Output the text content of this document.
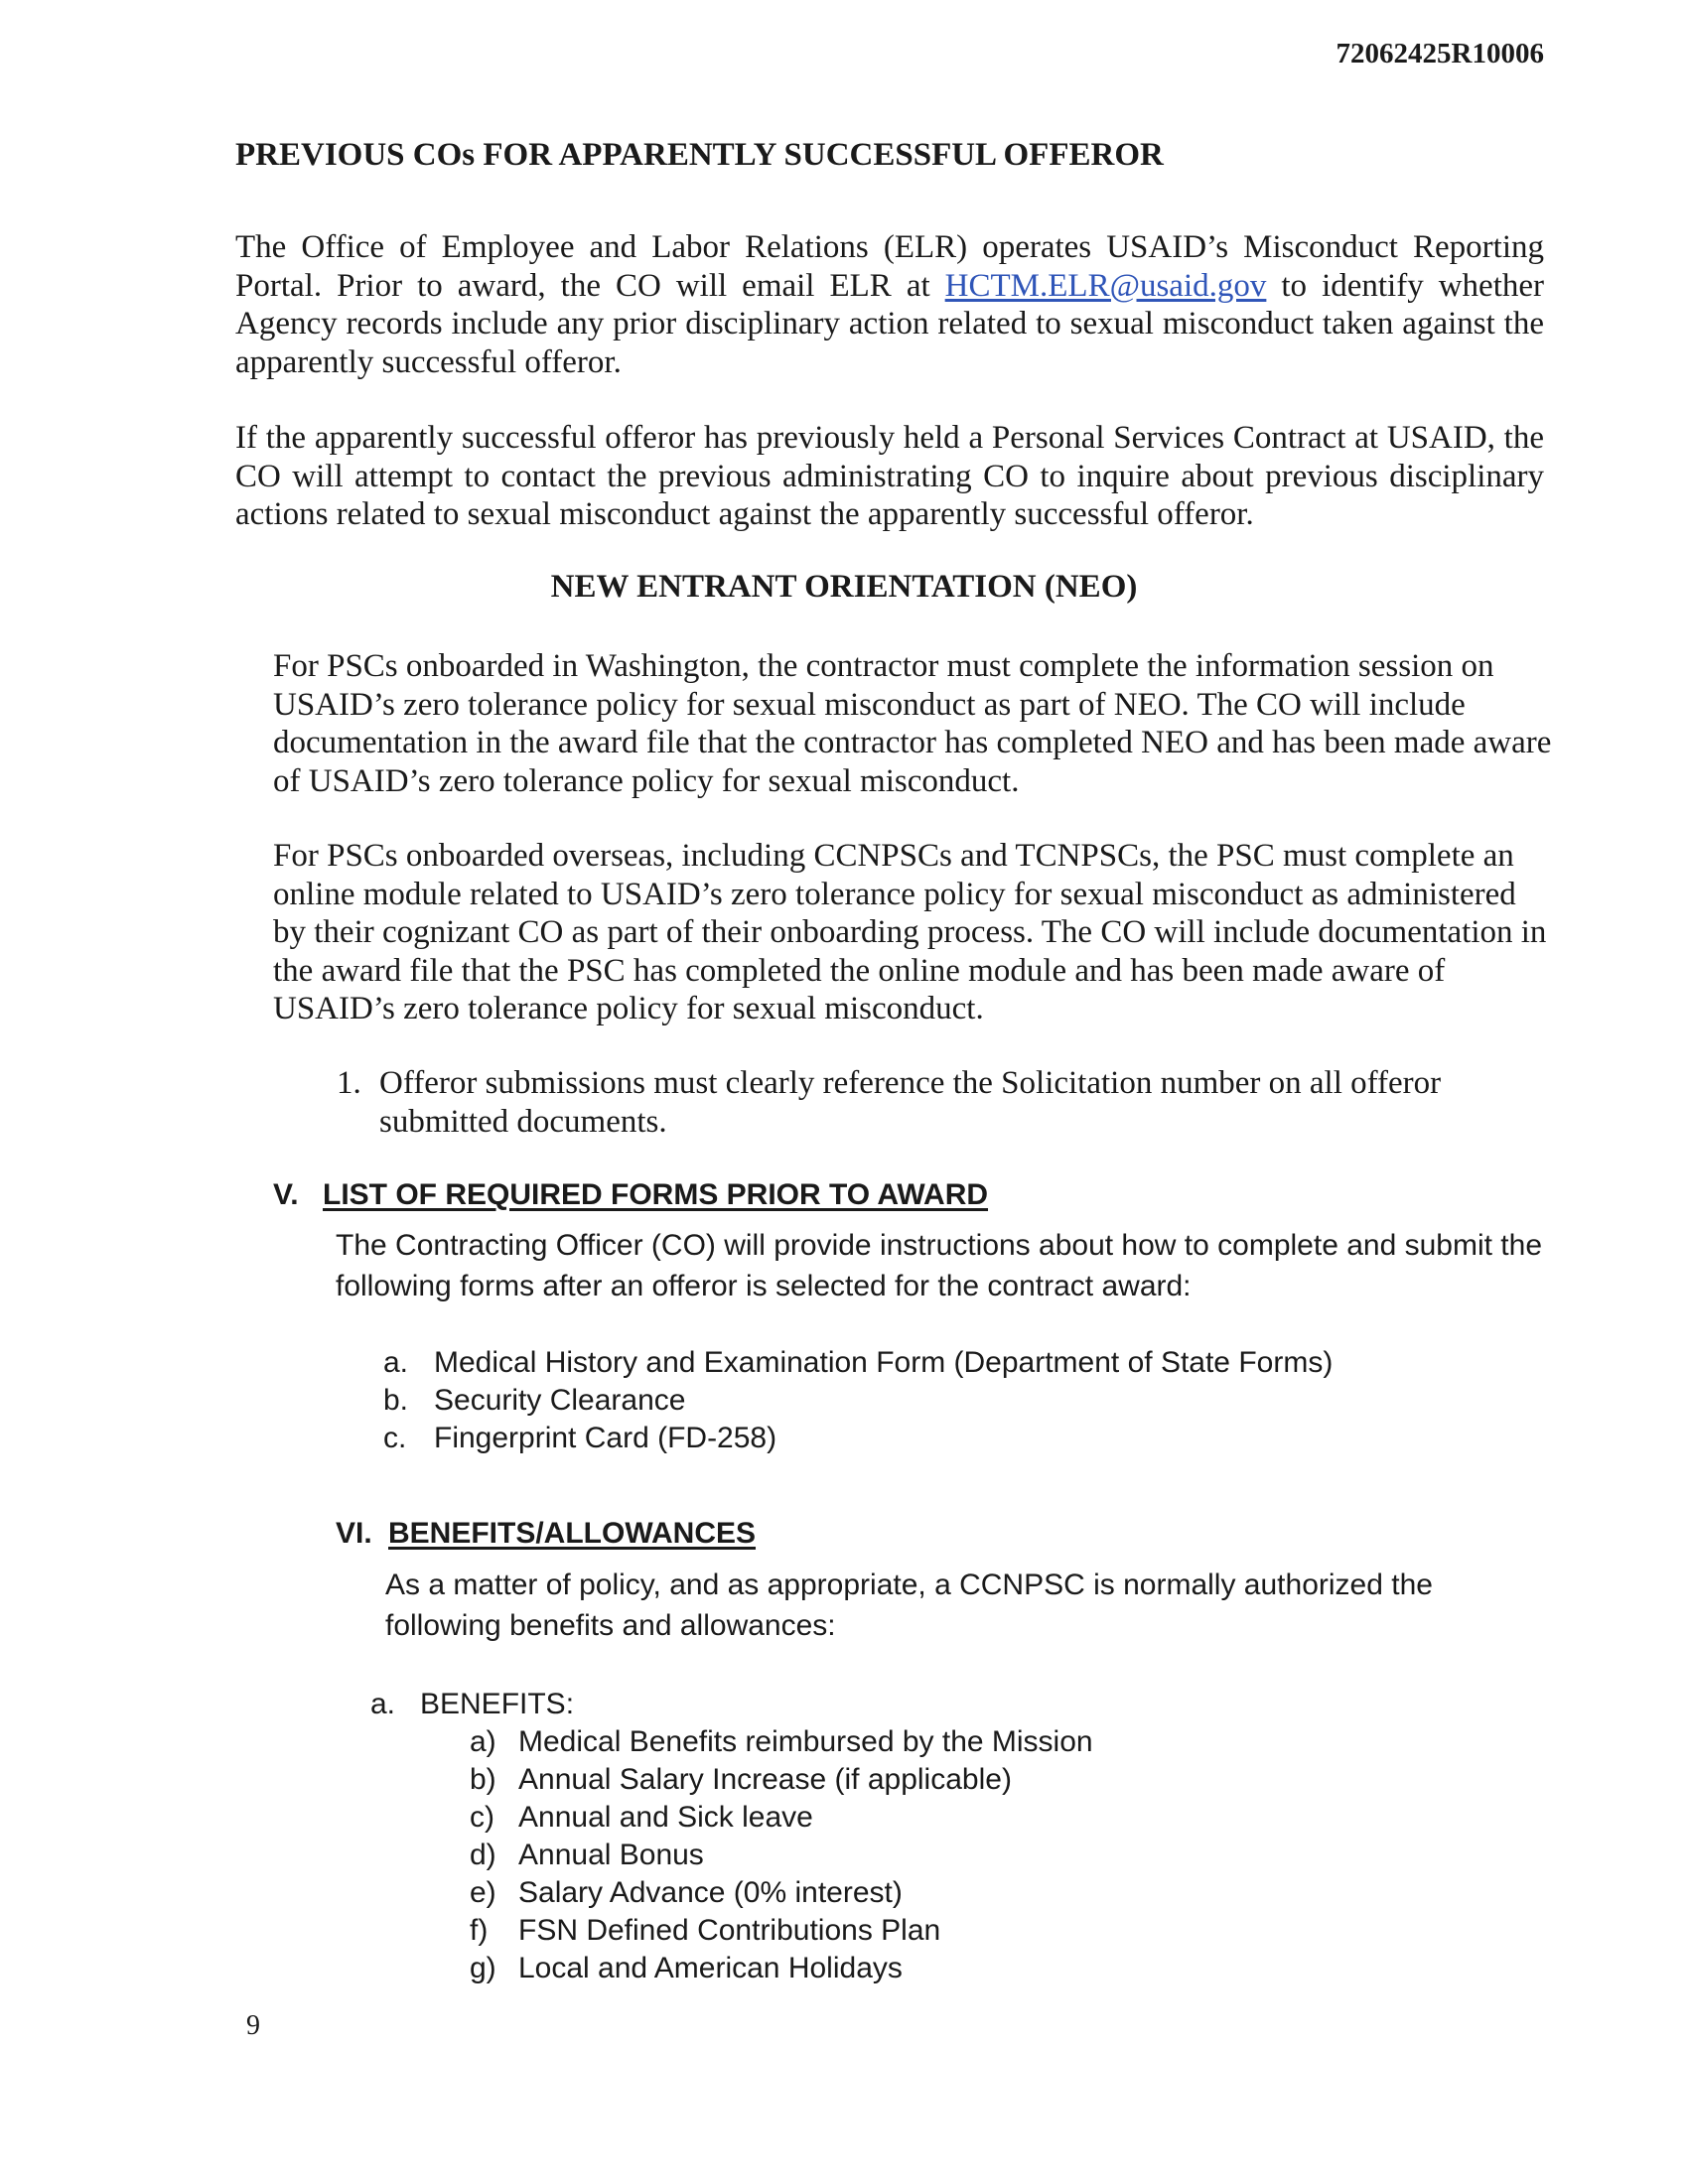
72062425R10006
PREVIOUS COs FOR APPARENTLY SUCCESSFUL OFFEROR
The Office of Employee and Labor Relations (ELR) operates USAID’s Misconduct Reporting Portal. Prior to award, the CO will email ELR at HCTM.ELR@usaid.gov to identify whether Agency records include any prior disciplinary action related to sexual misconduct taken against the apparently successful offeror.
If the apparently successful offeror has previously held a Personal Services Contract at USAID, the CO will attempt to contact the previous administrating CO to inquire about previous disciplinary actions related to sexual misconduct against the apparently successful offeror.
NEW ENTRANT ORIENTATION (NEO)
For PSCs onboarded in Washington, the contractor must complete the information session on USAID’s zero tolerance policy for sexual misconduct as part of NEO. The CO will include documentation in the award file that the contractor has completed NEO and has been made aware of USAID’s zero tolerance policy for sexual misconduct.
For PSCs onboarded overseas, including CCNPSCs and TCNPSCs, the PSC must complete an online module related to USAID’s zero tolerance policy for sexual misconduct as administered by their cognizant CO as part of their onboarding process. The CO will include documentation in the award file that the PSC has completed the online module and has been made aware of USAID’s zero tolerance policy for sexual misconduct.
1. Offeror submissions must clearly reference the Solicitation number on all offeror submitted documents.
V. LIST OF REQUIRED FORMS PRIOR TO AWARD
The Contracting Officer (CO) will provide instructions about how to complete and submit the following forms after an offeror is selected for the contract award:
a. Medical History and Examination Form (Department of State Forms)
b. Security Clearance
c. Fingerprint Card (FD-258)
VI. BENEFITS/ALLOWANCES
As a matter of policy, and as appropriate, a CCNPSC is normally authorized the following benefits and allowances:
a. BENEFITS:
a) Medical Benefits reimbursed by the Mission
b) Annual Salary Increase (if applicable)
c) Annual and Sick leave
d) Annual Bonus
e) Salary Advance (0% interest)
f) FSN Defined Contributions Plan
g) Local and American Holidays
9
